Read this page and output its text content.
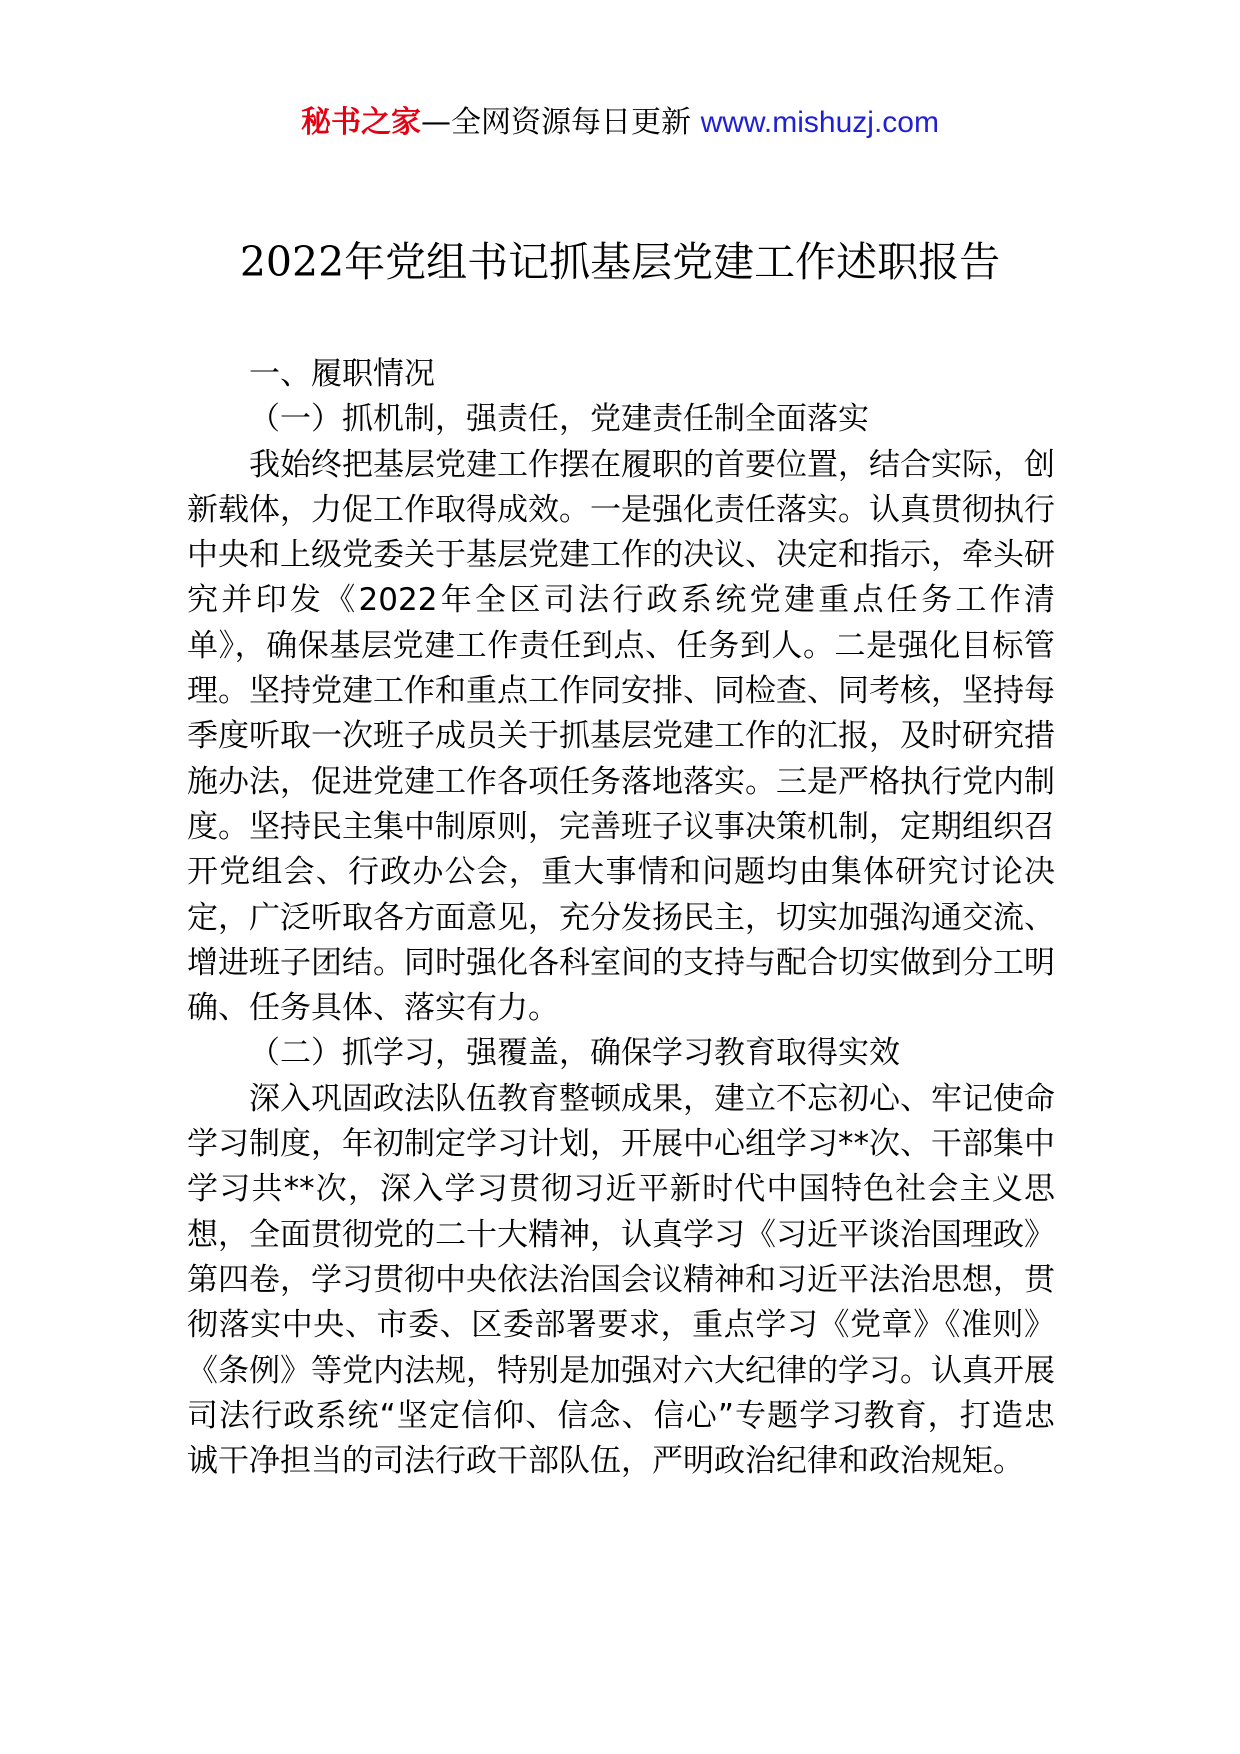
秘书之家—全网资源每日更新 www.mishuzj.com
2022年党组书记抓基层党建工作述职报告

一、履职情况

（一）抓机制，强责任，党建责任制全面落实

我始终把基层党建工作摆在履职的首要位置，结合实际，创新载体，力促工作取得成效。一是强化责任落实。认真贯彻执行中央和上级党委关于基层党建工作的决议、决定和指示，牵头研究并印发《2022年全区司法行政系统党建重点任务工作清单》，确保基层党建工作责任到点、任务到人。二是强化目标管理。坚持党建工作和重点工作同安排、同检查、同考核，坚持每季度听取一次班子成员关于抓基层党建工作的汇报，及时研究措施办法，促进党建工作各项任务落地落实。三是严格执行党内制度。坚持民主集中制原则，完善班子议事决策机制，定期组织召开党组会、行政办公会，重大事情和问题均由集体研究讨论决定，广泛听取各方面意见，充分发扬民主，切实加强沟通交流、增进班子团结。同时强化各科室间的支持与配合切实做到分工明确、任务具体、落实有力。

（二）抓学习，强覆盖，确保学习教育取得实效

深入巩固政法队伍教育整顿成果，建立不忘初心、牢记使命学习制度，年初制定学习计划，开展中心组学习**次、干部集中学习共**次，深入学习贯彻习近平新时代中国特色社会主义思想，全面贯彻党的二十大精神，认真学习《习近平谈治国理政》第四卷，学习贯彻中央依法治国会议精神和习近平法治思想，贯彻落实中央、市委、区委部署要求，重点学习《党章》《准则》《条例》等党内法规，特别是加强对六大纪律的学习。认真开展司法行政系统“坚定信仰、信念、信心”专题学习教育，打造忠诚干净担当的司法行政干部队伍，严明政治纪律和政治规矩。
